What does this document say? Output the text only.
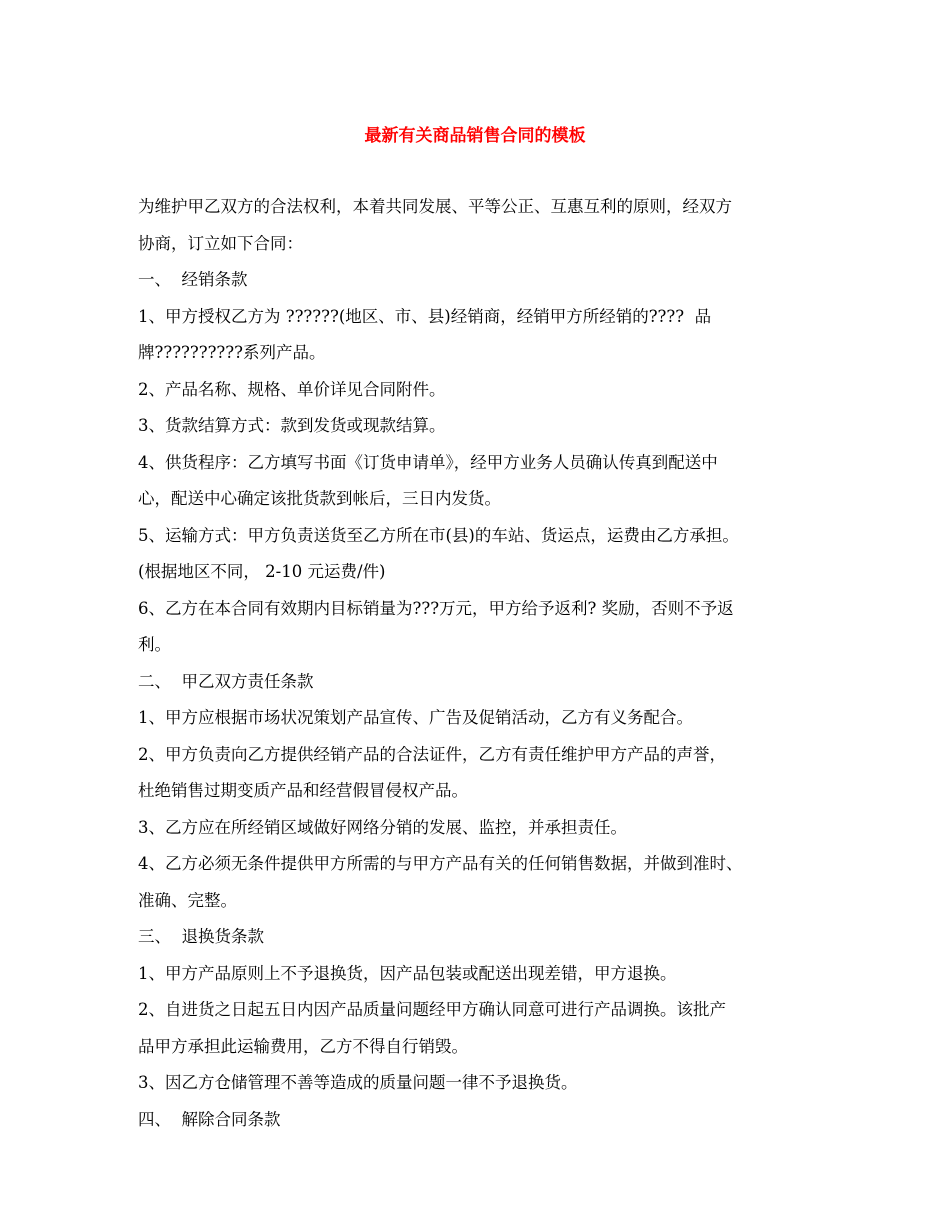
最新有关商品销售合同的模板
为维护甲乙双方的合法权利，本着共同发展、平等公正、互惠互利的原则，经双方
协商，订立如下合同：
一、  经销条款
1、甲方授权乙方为 ??????(地区、市、县)经销商，经销甲方所经销的????  品
牌??????????系列产品。
2、产品名称、规格、单价详见合同附件。
3、货款结算方式：款到发货或现款结算。
4、供货程序：乙方填写书面《订货申请单》，经甲方业务人员确认传真到配送中
心，配送中心确定该批货款到帐后，三日内发货。
5、运输方式：甲方负责送货至乙方所在市(县)的车站、货运点，运费由乙方承担。
(根据地区不同， 2-10 元运费/件)
6、乙方在本合同有效期内目标销量为???万元，甲方给予返利? 奖励，否则不予返
利。
二、  甲乙双方责任条款
1、甲方应根据市场状况策划产品宣传、广告及促销活动，乙方有义务配合。
2、甲方负责向乙方提供经销产品的合法证件，乙方有责任维护甲方产品的声誉，
杜绝销售过期变质产品和经营假冒侵权产品。
3、乙方应在所经销区域做好网络分销的发展、监控，并承担责任。
4、乙方必须无条件提供甲方所需的与甲方产品有关的任何销售数据，并做到准时、
准确、完整。
三、  退换货条款
1、甲方产品原则上不予退换货，因产品包装或配送出现差错，甲方退换。
2、自进货之日起五日内因产品质量问题经甲方确认同意可进行产品调换。该批产
品甲方承担此运输费用，乙方不得自行销毁。
3、因乙方仓储管理不善等造成的质量问题一律不予退换货。
四、  解除合同条款
